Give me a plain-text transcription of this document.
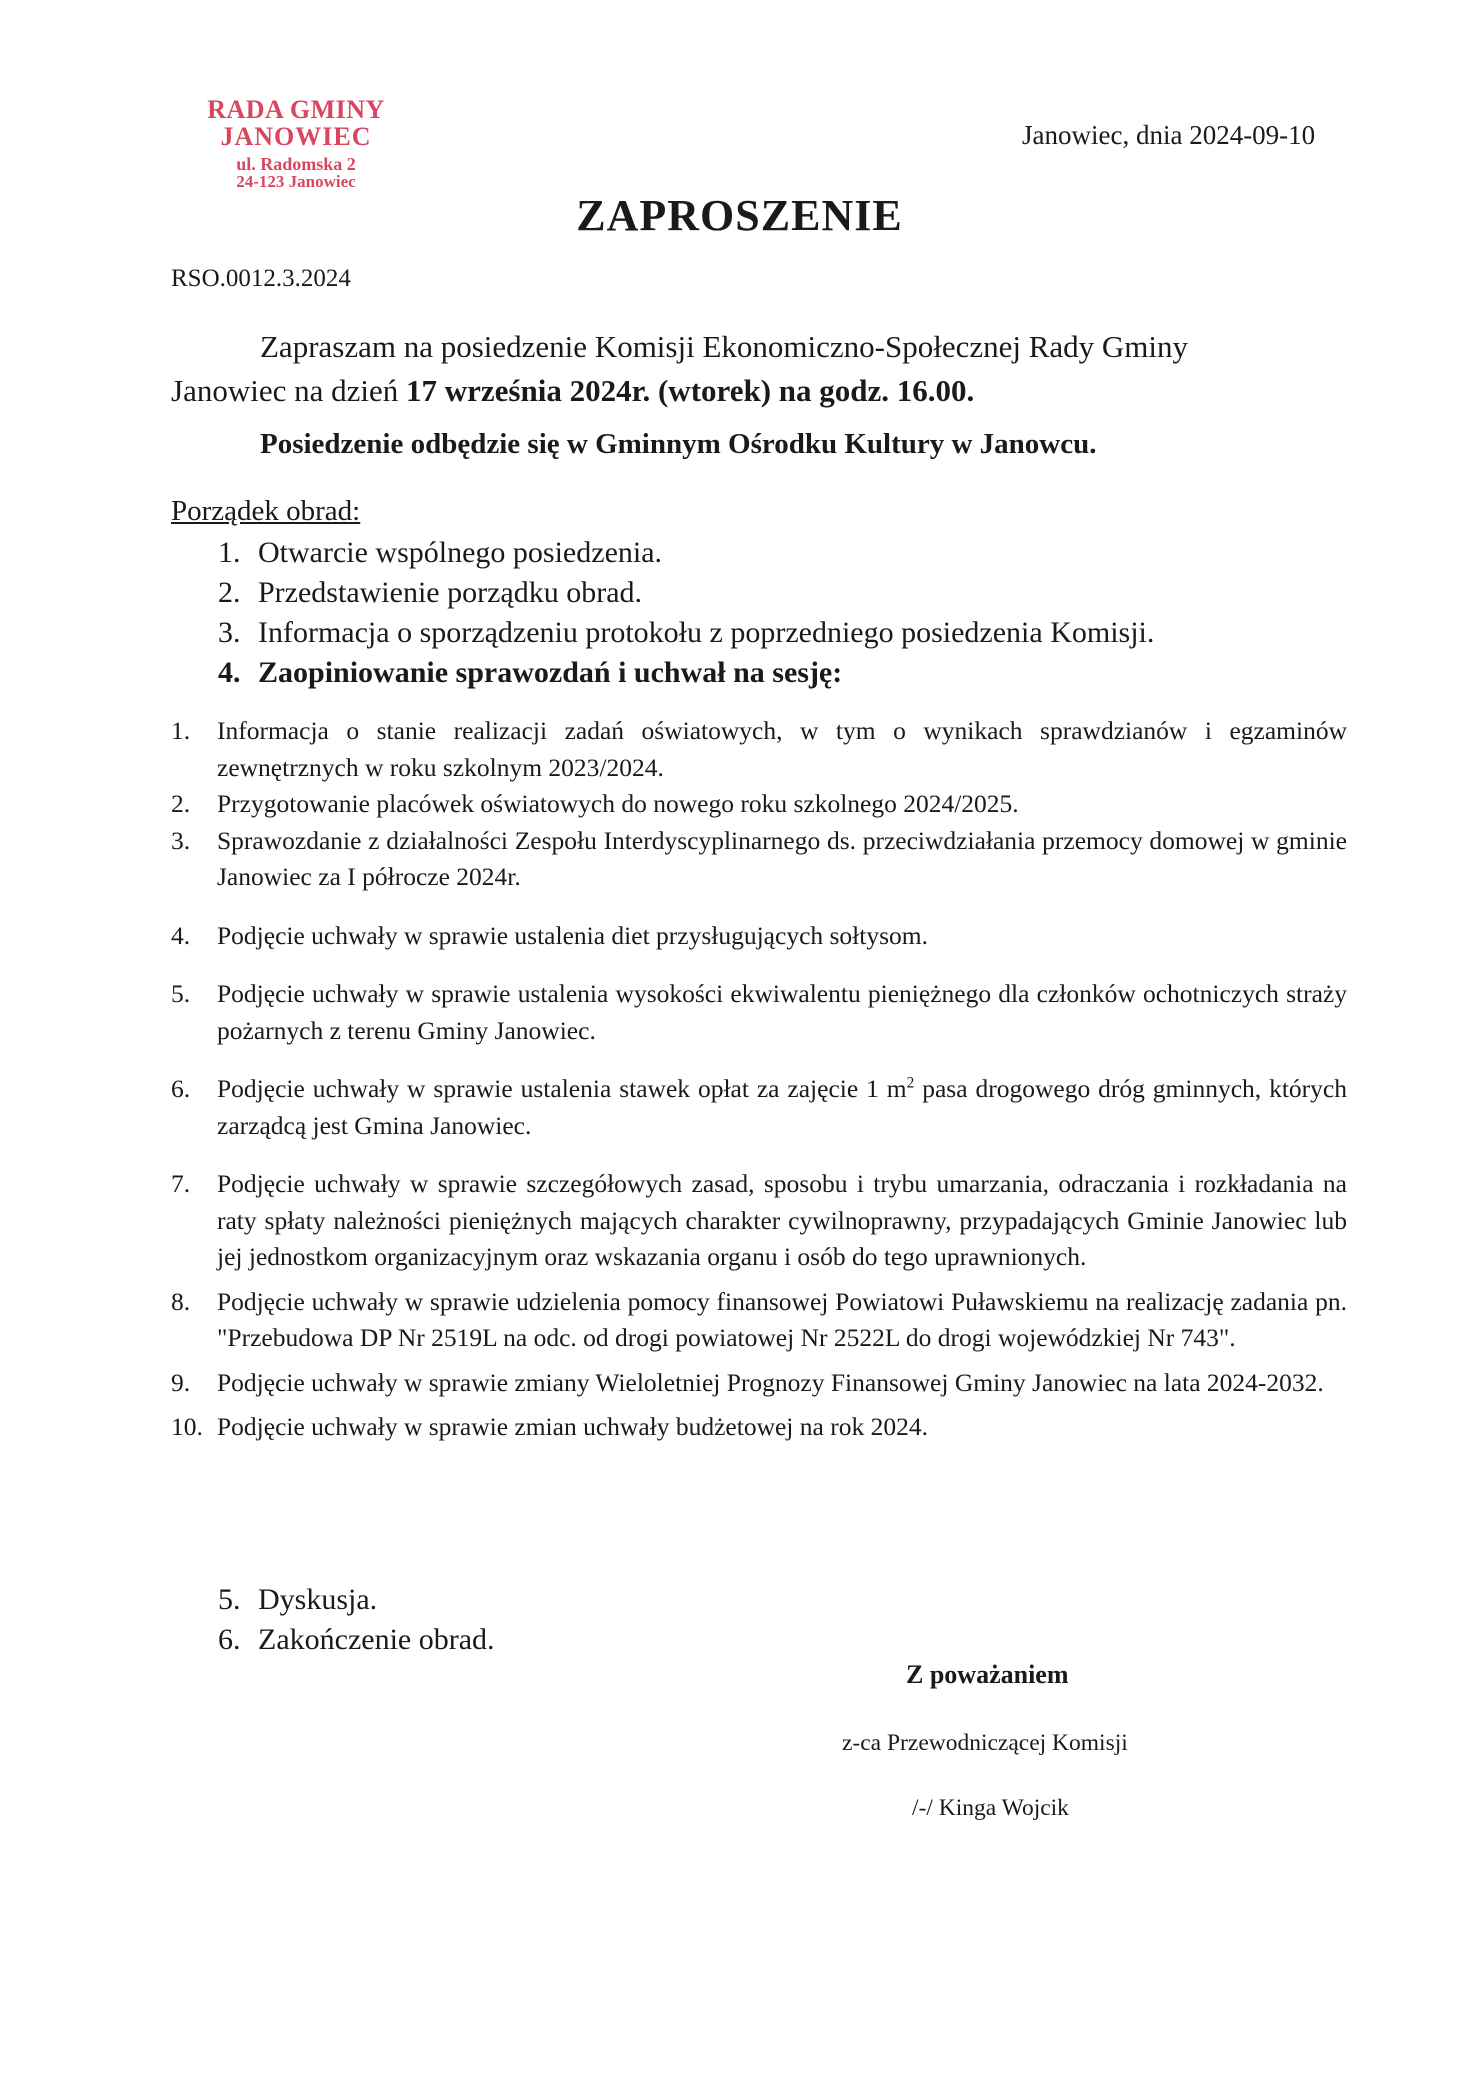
RADA GMINY
JANOWIEC
ul. Radomska 2
24-123 Janowiec
Janowiec, dnia 2024-09-10
ZAPROSZENIE
RSO.0012.3.2024

Zapraszam na posiedzenie Komisji Ekonomiczno-Społecznej Rady Gminy

Janowiec na dzień 17 września 2024r. (wtorek) na godz. 16.00.

Posiedzenie odbędzie się w Gminnym Ośrodku Kultury w Janowcu.
Porządek obrad:
1. Otwarcie wspólnego posiedzenia.
2. Przedstawienie porządku obrad.
3. Informacja o sporządzeniu protokołu z poprzedniego posiedzenia Komisji.
4. Zaopiniowanie sprawozdań i uchwał na sesję:
1.	Informacja o stanie realizacji zadań oświatowych, w tym o wynikach sprawdzianów i egzaminów zewnętrznych w roku szkolnym 2023/2024.
2.	Przygotowanie placówek oświatowych do nowego roku szkolnego 2024/2025.
3.	Sprawozdanie z działalności Zespołu Interdyscyplinarnego ds. przeciwdziałania przemocy domowej w gminie Janowiec za I półrocze 2024r.
4.	Podjęcie uchwały w sprawie ustalenia diet przysługujących sołtysom.
5.	Podjęcie uchwały w sprawie ustalenia wysokości ekwiwalentu pieniężnego dla członków ochotniczych straży pożarnych z terenu Gminy Janowiec.
6.	Podjęcie uchwały w sprawie ustalenia stawek opłat za zajęcie 1 $m^2$ pasa drogowego dróg gminnych, których zarządcą jest Gmina Janowiec.
7.	Podjęcie uchwały w sprawie szczegółowych zasad, sposobu i trybu umarzania, odraczania i rozkładania na raty spłaty należności pieniężnych mających charakter cywilnoprawny, przypadających Gminie Janowiec lub jej jednostkom organizacyjnym oraz wskazania organu i osób do tego uprawnionych.
8.	Podjęcie uchwały w sprawie udzielenia pomocy finansowej Powiatowi Puławskiemu na realizację zadania pn. "Przebudowa DP Nr 2519L na odc. od drogi powiatowej Nr 2522L do drogi wojewódzkiej Nr 743".
9.	Podjęcie uchwały w sprawie zmiany Wieloletniej Prognozy Finansowej Gminy Janowiec na lata 2024-2032.
10. Podjęcie uchwały w sprawie zmian uchwały budżetowej na rok 2024.
5. Dyskusja.
6. Zakończenie obrad.
Z poważaniem
z-ca Przewodniczącej Komisji
/-/ Kinga Wojcik
